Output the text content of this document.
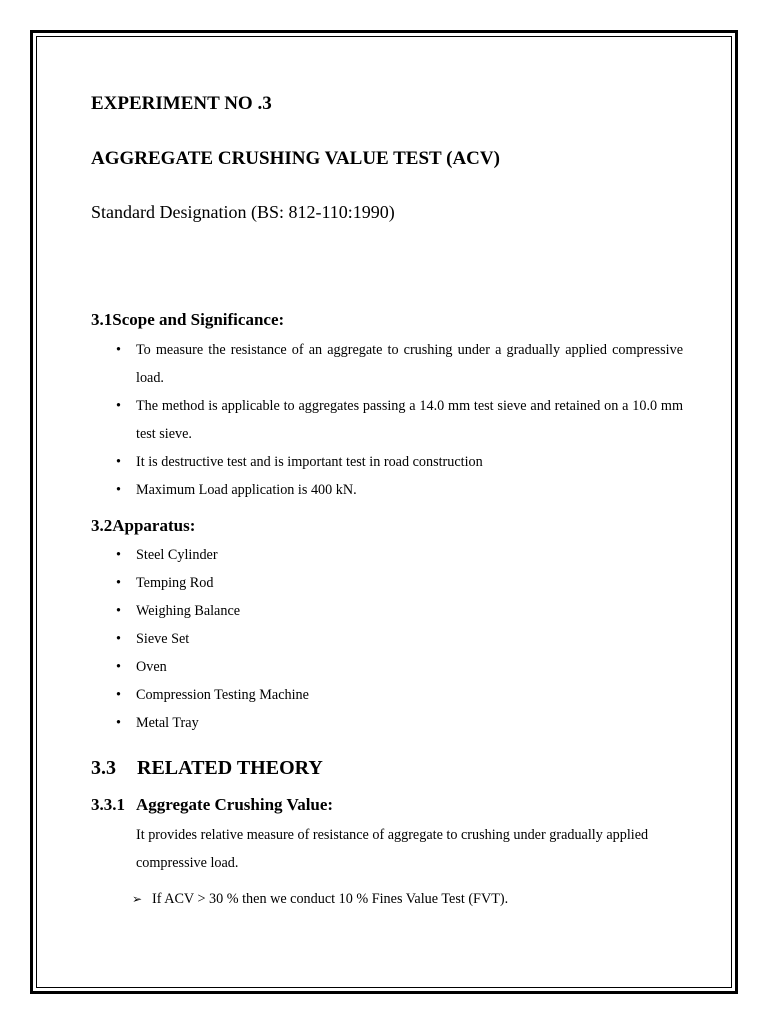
EXPERIMENT NO .3
AGGREGATE CRUSHING VALUE TEST (ACV)

Standard Designation (BS: 812-110:1990)

3.1Scope and Significance:
• To measure the resistance of an aggregate to crushing under a gradually applied compressive load.
• The method is applicable to aggregates passing a 14.0 mm test sieve and retained on a 10.0 mm test sieve.
• It is destructive test and is important test in road construction
• Maximum Load application is 400 kN.
3.2Apparatus:
• Steel Cylinder
• Temping Rod
• Weighing Balance
• Sieve Set
• Oven
• Compression Testing Machine
• Metal Tray
3.3 RELATED THEORY
3.3.1 Aggregate Crushing Value:

It provides relative measure of resistance of aggregate to crushing under gradually applied compressive load.

➢ If ACV > 30 % then we conduct 10 % Fines Value Test (FVT).
